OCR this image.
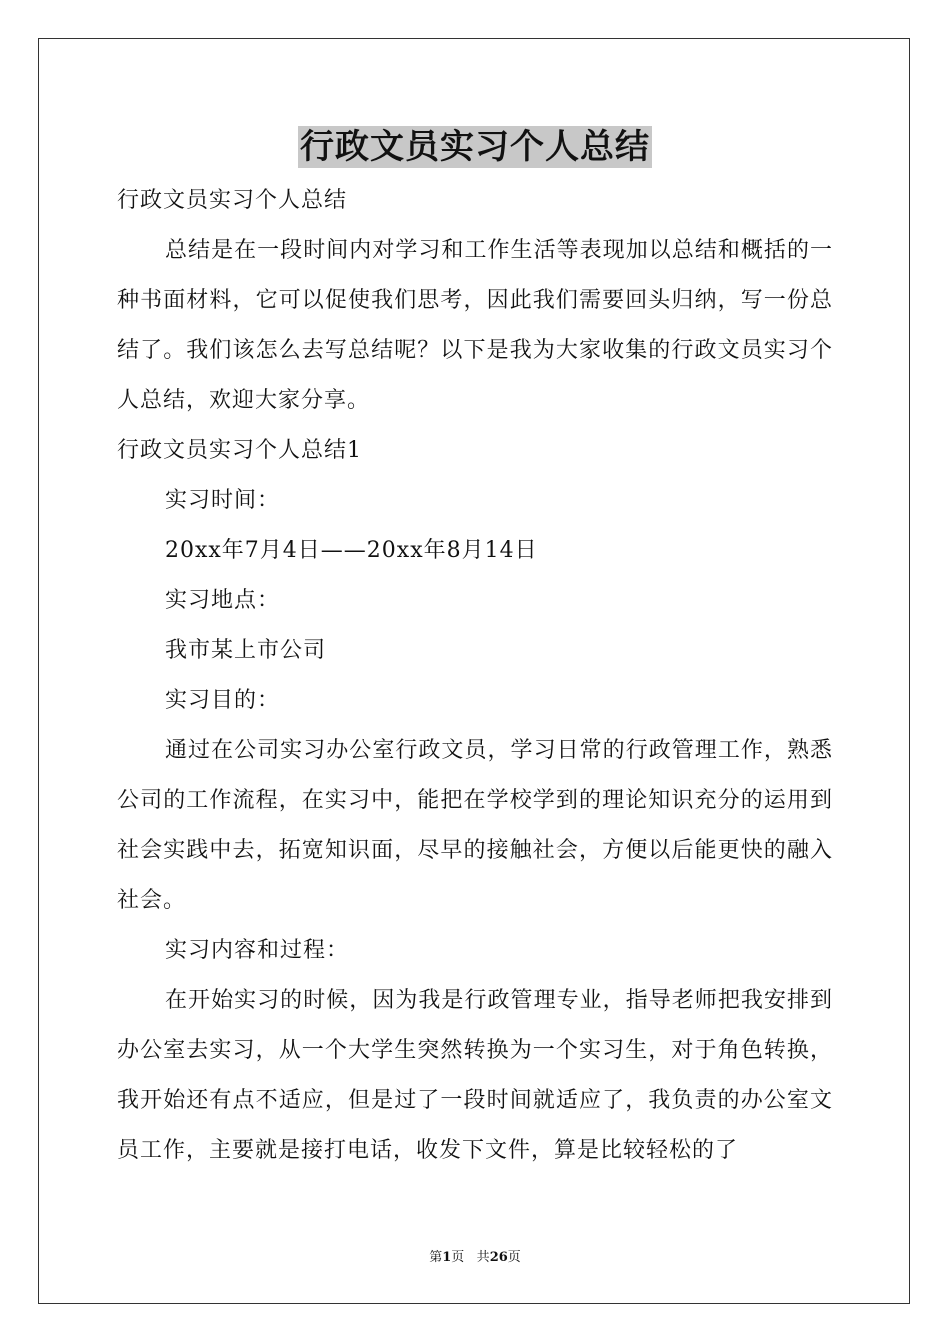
行政文员实习个人总结

行政文员实习个人总结

总结是在一段时间内对学习和工作生活等表现加以总结和概括的一种书面材料，它可以促使我们思考，因此我们需要回头归纳，写一份总结了。我们该怎么去写总结呢？以下是我为大家收集的行政文员实习个人总结，欢迎大家分享。

行政文员实习个人总结1

实习时间：

20xx年7月4日——20xx年8月14日

实习地点：

我市某上市公司

实习目的：

通过在公司实习办公室行政文员，学习日常的行政管理工作，熟悉公司的工作流程，在实习中，能把在学校学到的理论知识充分的运用到社会实践中去，拓宽知识面，尽早的接触社会，方便以后能更快的融入社会。

实习内容和过程：

在开始实习的时候，因为我是行政管理专业，指导老师把我安排到办公室去实习，从一个大学生突然转换为一个实习生，对于角色转换，我开始还有点不适应，但是过了一段时间就适应了，我负责的办公室文员工作，主要就是接打电话，收发下文件，算是比较轻松的了

第1页 共26页
